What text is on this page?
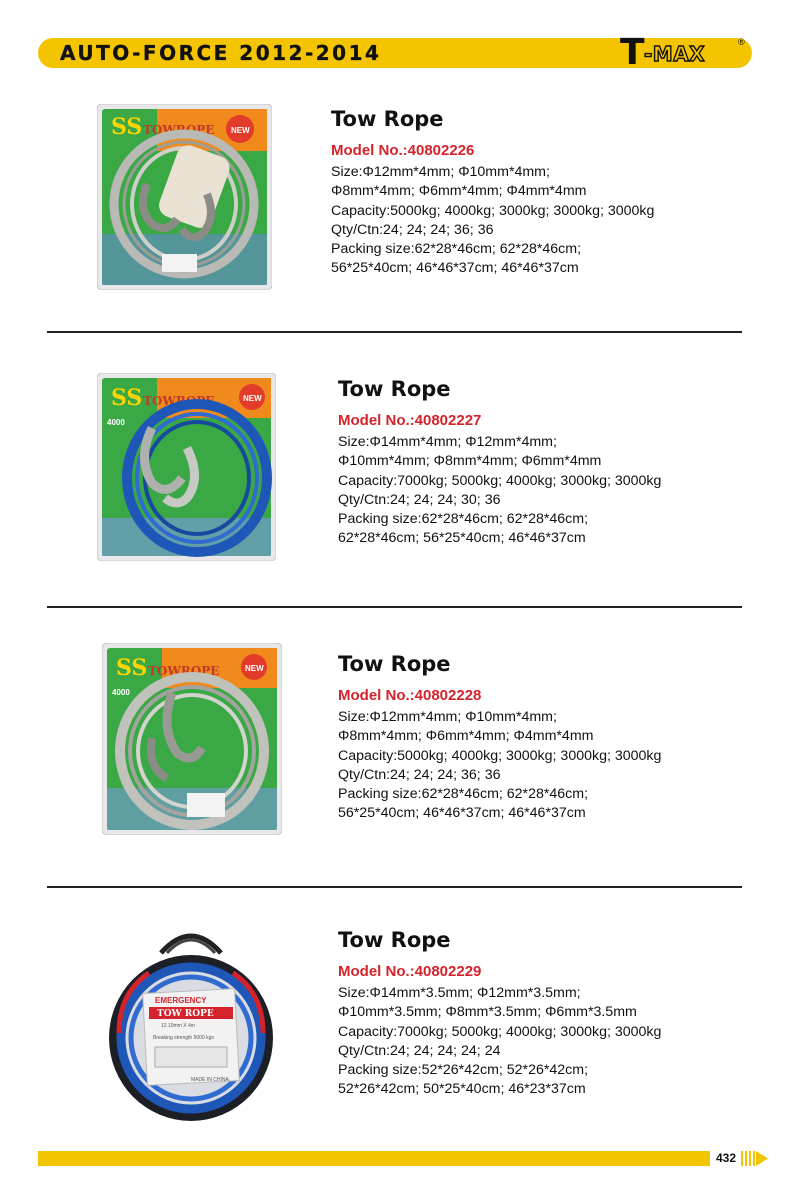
AUTO-FORCE 2012-2014	T -MAX	®
SS TOWROPE NEW	Tow Rope
Model No.:40802226
Size:Φ12mm*4mm; Φ10mm*4mm;
Φ8mm*4mm; Φ6mm*4mm; Φ4mm*4mm
Capacity:5000kg; 4000kg; 3000kg; 3000kg; 3000kg
Qty/Ctn:24; 24; 24; 36; 36
Packing size:62*28*46cm; 62*28*46cm;
56*25*40cm; 46*46*37cm; 46*46*37cm
SS TOWROPE	NEW
4000
Tow Rope
Model No.:40802227
Size:Φ14mm*4mm; Φ12mm*4mm;
Φ10mm*4mm; Φ8mm*4mm; Φ6mm*4mm
Capacity:7000kg; 5000kg; 4000kg; 3000kg; 3000kg
Qty/Ctn:24; 24; 24; 30; 36
Packing size:62*28*46cm; 62*28*46cm;
62*28*46cm; 56*25*40cm; 46*46*37cm
SS TOWROPE	NEW
4000
Tow Rope
Model No.:40802228
Size:Φ12mm*4mm; Φ10mm*4mm;
Φ8mm*4mm; Φ6mm*4mm; Φ4mm*4mm
Capacity:5000kg; 4000kg; 3000kg; 3000kg; 3000kg
Qty/Ctn:24; 24; 24; 36; 36
Packing size:62*28*46cm; 62*28*46cm;
56*25*40cm; 46*46*37cm; 46*46*37cm
EMERGENCY
TOW ROPE
12.10mm X 4m
Breaking strength 5000 kgs
MADE IN CHINA
Tow Rope
Model No.:40802229
Size:Φ14mm*3.5mm; Φ12mm*3.5mm;
Φ10mm*3.5mm; Φ8mm*3.5mm; Φ6mm*3.5mm
Capacity:7000kg; 5000kg; 4000kg; 3000kg; 3000kg
Qty/Ctn:24; 24; 24; 24; 24
Packing size:52*26*42cm; 52*26*42cm;
52*26*42cm; 50*25*40cm; 46*23*37cm
432
